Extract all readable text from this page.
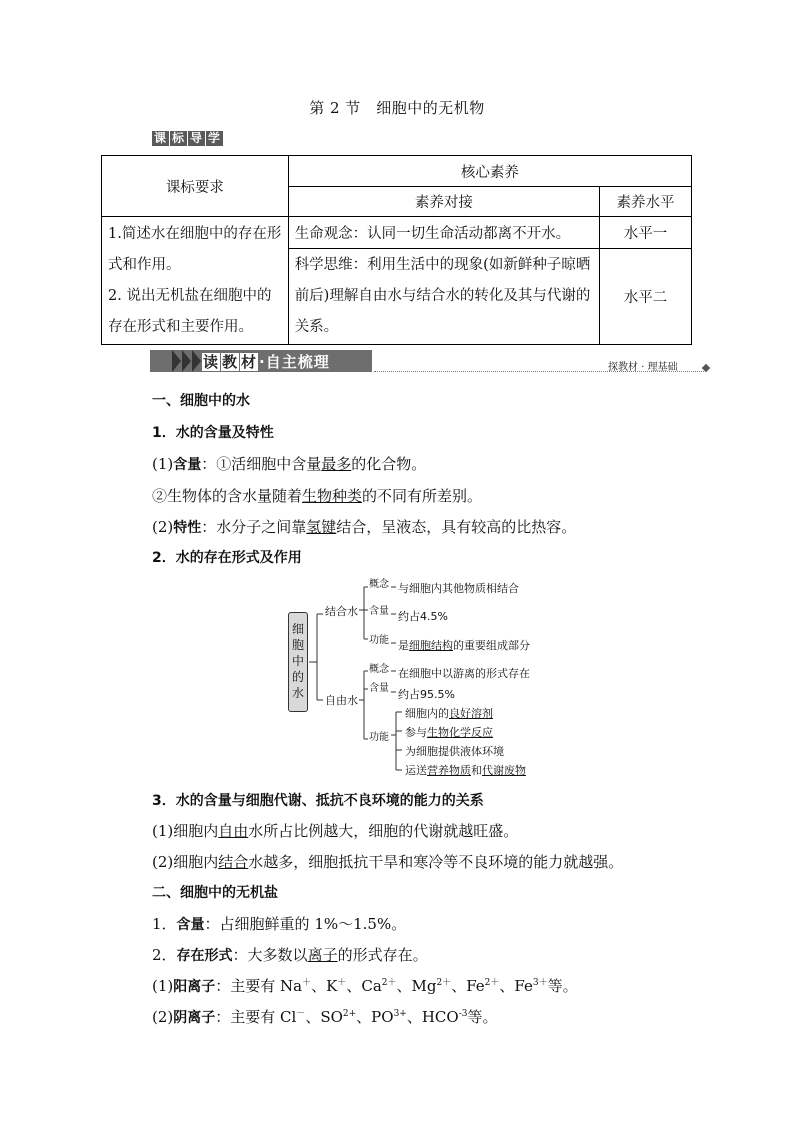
第 2 节　细胞中的无机物
课 标 导 学
课标要求	核心素养	
	素养对接	素养水平

1.简述水在细胞中的存在形式和作用。
2. 说出无机盐在细胞中的存在形式和主要作用。	生命观念：认同一切生命活动都离不开水。	水平一
	科学思维：利用生活中的现象(如新鲜种子晾晒前后)理解自由水与结合水的转化及其与代谢的关系。	水平二
读 教 材 ·自主梳理	探教材 · 理基础
一、细胞中的水
1．水的含量及特性
(1)含量：①活细胞中含量最多的化合物。
②生物体的含水量随着生物种类的不同有所差别。
(2)特性：水分子之间靠氢键结合，呈液态，具有较高的比热容。
2．水的存在形式及作用
细
胞
中
的
水
结合水
自由水
概念
含量
功能
与细胞内其他物质相结合
约占4.5%
是细胞结构的重要组成部分
概念
含量
功能
在细胞中以游离的形式存在
约占95.5%
细胞内的良好溶剂
参与生物化学反应
为细胞提供液体环境
运送营养物质和代谢废物
3．水的含量与细胞代谢、抵抗不良环境的能力的关系
(1)细胞内自由水所占比例越大，细胞的代谢就越旺盛。
(2)细胞内结合水越多，细胞抵抗干旱和寒冷等不良环境的能力就越强。
二、细胞中的无机盐
1．含量：占细胞鲜重的 1%～1.5%。
2．存在形式：大多数以离子的形式存在。
(1)阳离子：主要有 Na＋、K＋、$Ca^{2+}$、$Mg^{2+}$、$Fe^{2+}$、$Fe^{3+}$等。
(2)阴离子：主要有 Cl－、$SO^{2+}$、$PO^{3+}$、$HCO^{-3}$等。
